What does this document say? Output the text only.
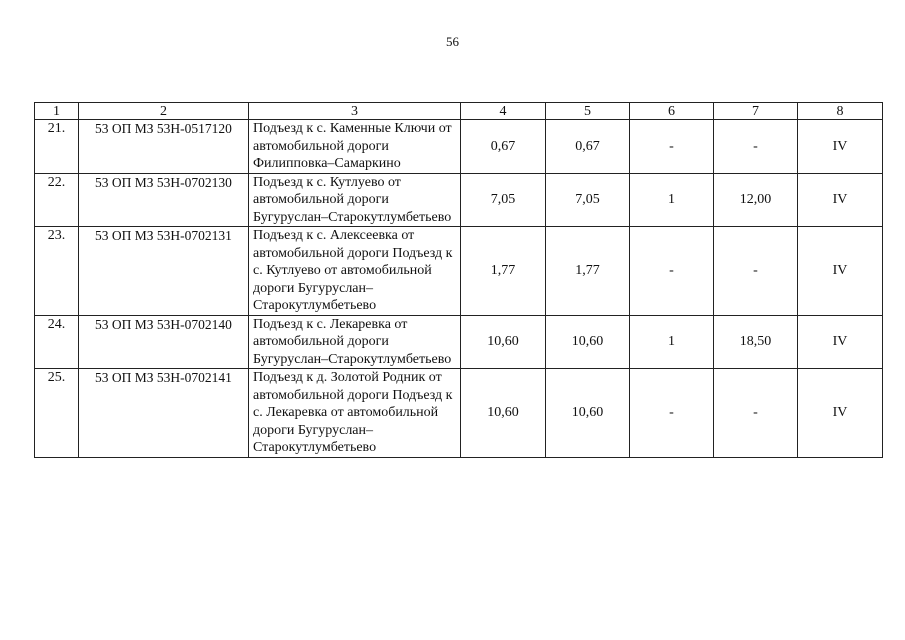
56
1	2	3	4	5	6	7	8
21.	53 ОП МЗ 53Н-0517120	Подъезд к с. Каменные Ключи от автомобильной дороги Филипповка–Самаркино	0,67	0,67	-	-	IV
22.	53 ОП МЗ 53Н-0702130	Подъезд к с. Кутлуево от автомобильной дороги Бугуруслан–Старокутлумбетьево	7,05	7,05	1	12,00	IV
23.	53 ОП МЗ 53Н-0702131	Подъезд к с. Алексеевка от автомобильной дороги Подъезд к с. Кутлуево от автомобильной дороги Бугуруслан–Старокутлумбетьево	1,77	1,77	-	-	IV
24.	53 ОП МЗ 53Н-0702140	Подъезд к с. Лекаревка от автомобильной дороги Бугуруслан–Старокутлумбетьево	10,60	10,60	1	18,50	IV
25.	53 ОП МЗ 53Н-0702141	Подъезд к д. Золотой Родник от автомобильной дороги Подъезд к с. Лекаревка от автомобильной дороги Бугуруслан–Старокутлумбетьево	10,60	10,60	-	-	IV
